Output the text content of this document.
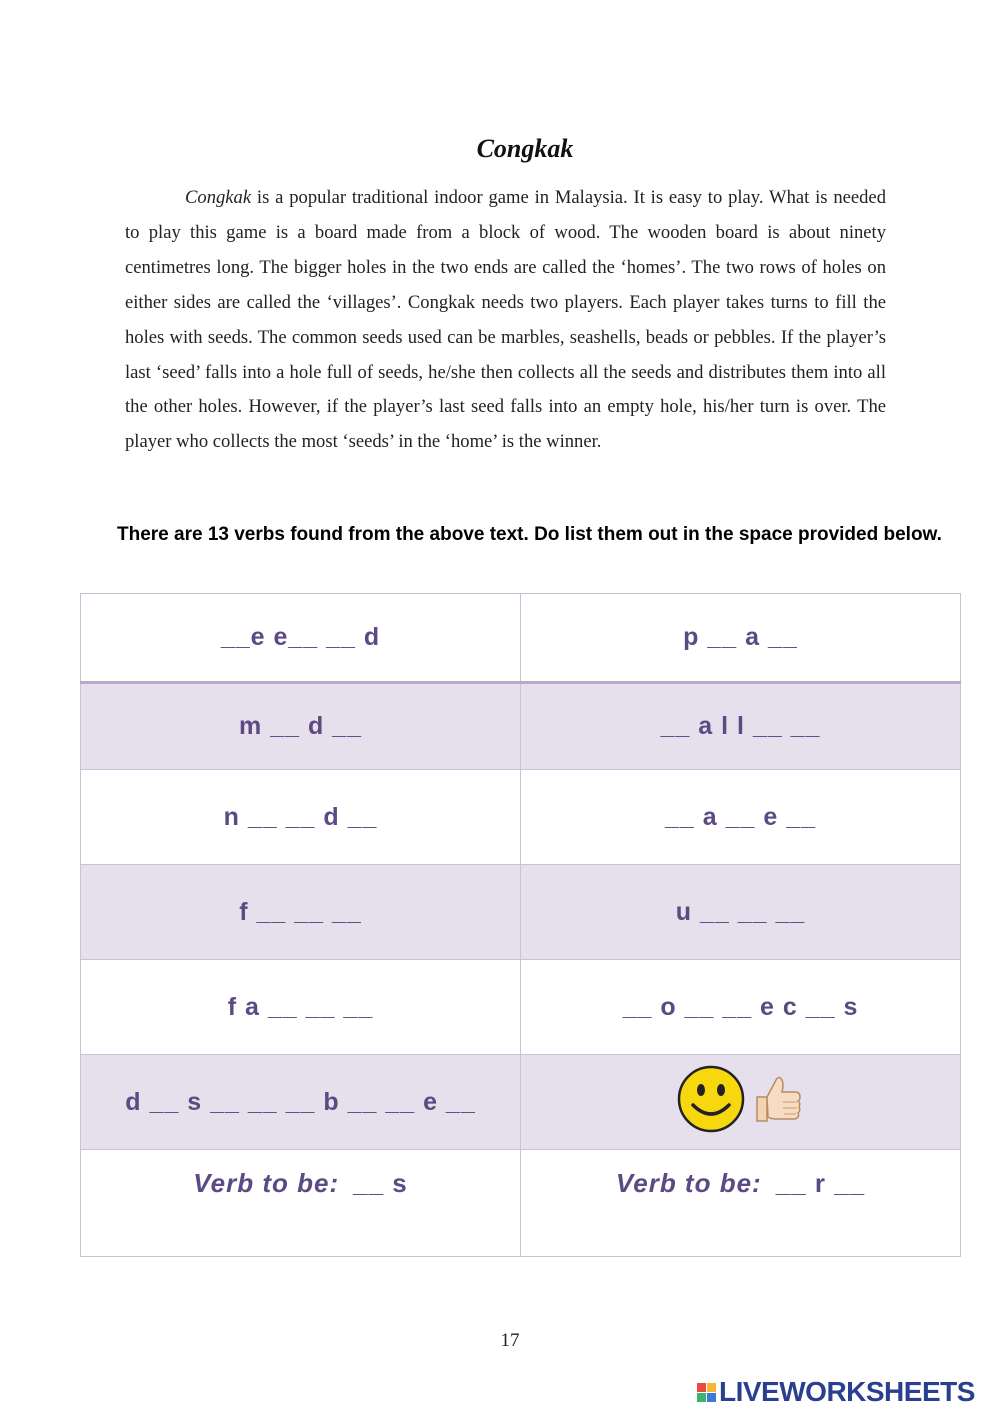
Congkak
Congkak is a popular traditional indoor game in Malaysia. It is easy to play. What is needed to play this game is a board made from a block of wood. The wooden board is about ninety centimetres long. The bigger holes in the two ends are called the ‘homes’. The two rows of holes on either sides are called the ‘villages’. Congkak needs two players. Each player takes turns to fill the holes with seeds. The common seeds used can be marbles, seashells, beads or pebbles. If the player’s last ‘seed’ falls into a hole full of seeds, he/she then collects all the seeds and distributes them into all the other holes. However, if the player’s last seed falls into an empty hole, his/her turn is over. The player who collects the most ‘seeds’ in the ‘home’ is the winner.
There are 13 verbs found from the above text. Do list them out in the space provided below.
__e e__ __ d	p __ a __
m __ d __	__ a l l __ __
n __ __ d __	__ a __ e __
f __ __ __	u __ __ __
f a __ __ __	__ o __ __ e c __ s
d __ s __ __ __ b __ __ e __	

Verb to be: __ s	Verb to be: __ r __
17
LIVEWORKSHEETS
